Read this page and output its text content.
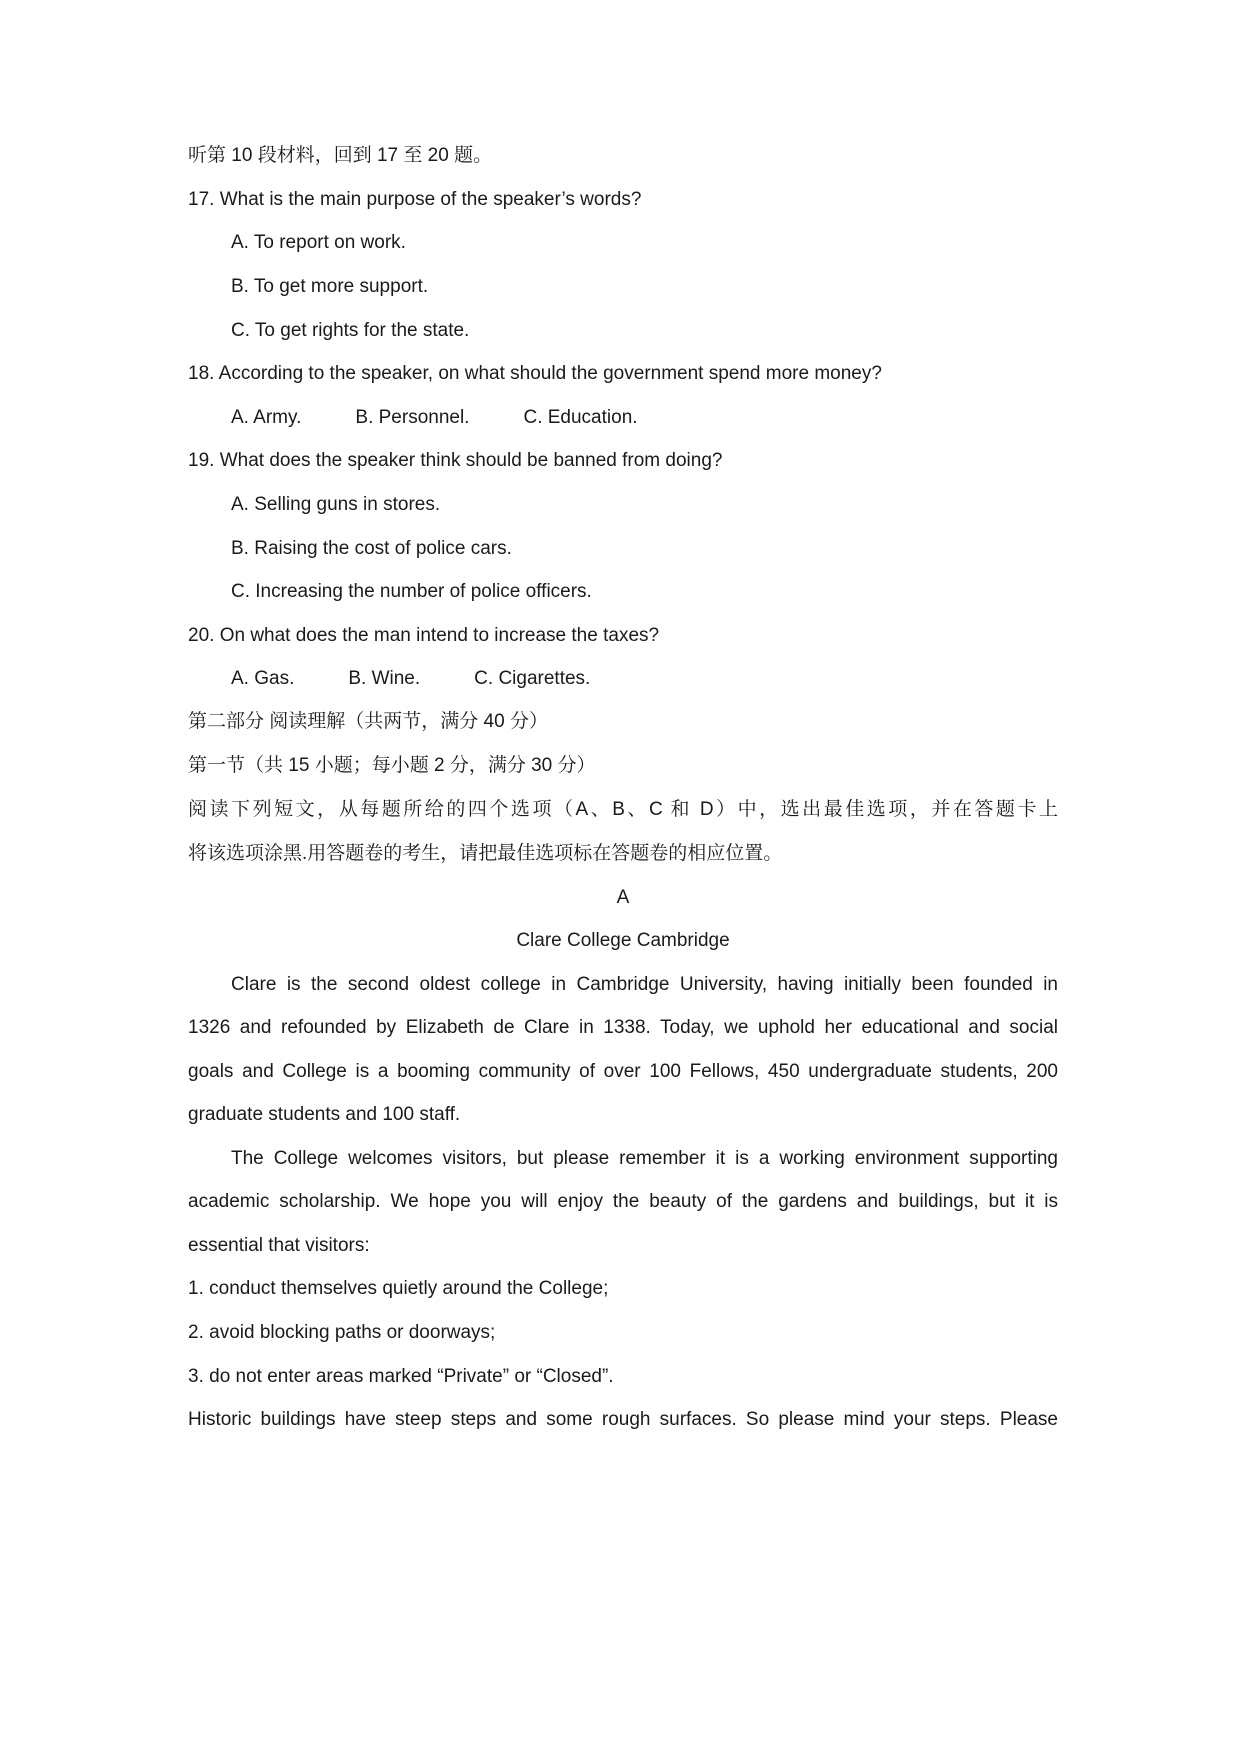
听第 10 段材料，回到 17 至 20 题。
17. What is the main purpose of the speaker’s words?
A. To report on work.
B. To get more support.
C. To get rights for the state.
18. According to the speaker, on what should the government spend more money?
A. Army.	B. Personnel.	C. Education.
19. What does the speaker think should be banned from doing?
A. Selling guns in stores.
B. Raising the cost of police cars.
C. Increasing the number of police officers.
20. On what does the man intend to increase the taxes?
A. Gas.	B. Wine.	C. Cigarettes.
第二部分 阅读理解（共两节，满分 40 分）
第一节（共 15 小题；每小题 2 分，满分 30 分）
阅读下列短文，从每题所给的四个选项（A、B、C 和 D）中，选出最佳选项，并在答题卡上
将该选项涂黑.用答题卷的考生，请把最佳选项标在答题卷的相应位置。
A
Clare College Cambridge
Clare is the second oldest college in Cambridge University, having initially been founded in
1326 and refounded by Elizabeth de Clare in 1338. Today, we uphold her educational and social
goals and College is a booming community of over 100 Fellows, 450 undergraduate students, 200
graduate students and 100 staff.
The College welcomes visitors, but please remember it is a working environment supporting
academic scholarship. We hope you will enjoy the beauty of the gardens and buildings, but it is
essential that visitors:
1. conduct themselves quietly around the College;
2. avoid blocking paths or doorways;
3. do not enter areas marked “Private” or “Closed”.
Historic buildings have steep steps and some rough surfaces. So please mind your steps. Please
